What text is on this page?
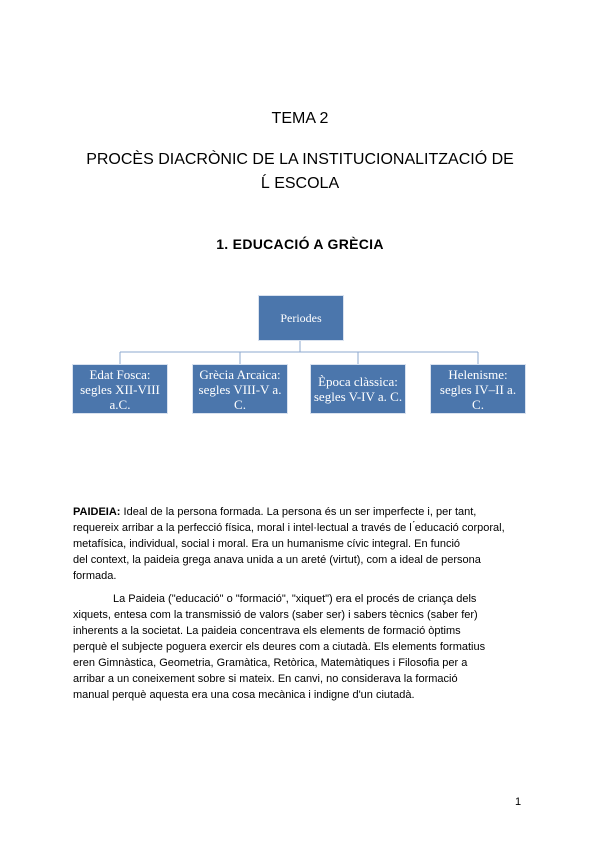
TEMA 2
PROCÈS DIACRÒNIC DE LA INSTITUCIONALITZACIÓ DE
Ĺ ESCOLA
1. EDUCACIÓ A GRÈCIA
Periodes
Edat Fosca: segles XII-VIII a.C.
Grècia Arcaica: segles VIII-V a. C.
Època clàssica: segles V-IV a. C.
Helenisme: segles IV–II a. C.
PAIDEIA: Ideal de la persona formada. La persona és un ser imperfecte i, per tant,
requereix arribar a la perfecció física, moral i intel·lectual a través de l ́educació corporal,
metafísica, individual, social i moral. Era un humanisme cívic integral. En funció
del context, la paideia grega anava unida a un areté (virtut), com a ideal de persona
formada.
La Paideia ("educació" o "formació", "xiquet") era el procés de criança dels
xiquets, entesa com la transmissió de valors (saber ser) i sabers tècnics (saber fer)
inherents a la societat. La paideia concentrava els elements de formació òptims
perquè el subjecte poguera exercir els deures com a ciutadà. Els elements formatius
eren Gimnàstica, Geometria, Gramàtica, Retòrica, Matemàtiques i Filosofia per a
arribar a un coneixement sobre si mateix. En canvi, no considerava la formació
manual perquè aquesta era una cosa mecànica i indigne d'un ciutadà.
1
